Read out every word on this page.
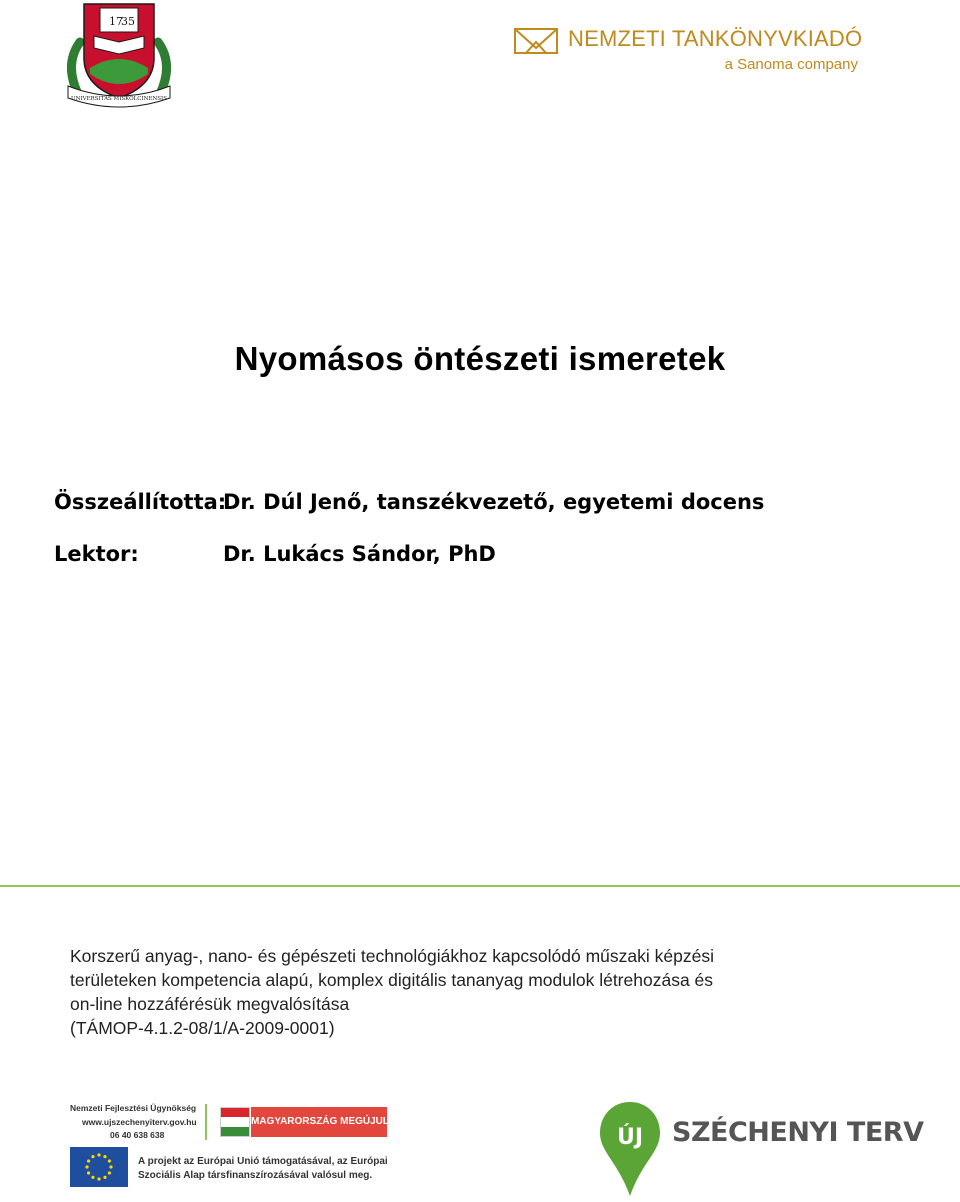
17
35
UNIVERSITAS MISKOLCINENSIS
NEMZETI TANKÖNYVKIADÓ
a Sanoma company
Nyomásos öntészeti ismeretek
Összeállította:
Dr. Dúl Jenő, tanszékvezető, egyetemi docens
Lektor:	Dr. Lukács Sándor, PhD
Korszerű anyag-, nano- és gépészeti technológiákhoz kapcsolódó műszaki képzési
területeken kompetencia alapú, komplex digitális tananyag modulok létrehozása és
on-line hozzáférésük megvalósítása
(TÁMOP-4.1.2-08/1/A-2009-0001)
Nemzeti Fejlesztési Ügynökség
www.ujszechenyiterv.gov.hu
06 40 638 638
MAGYARORSZÁG MEGÚJUL
A projekt az Európai Unió támogatásával, az Európai
Szociális Alap társfinanszírozásával valósul meg.
ÚJ SZÉCHENYI TERV
